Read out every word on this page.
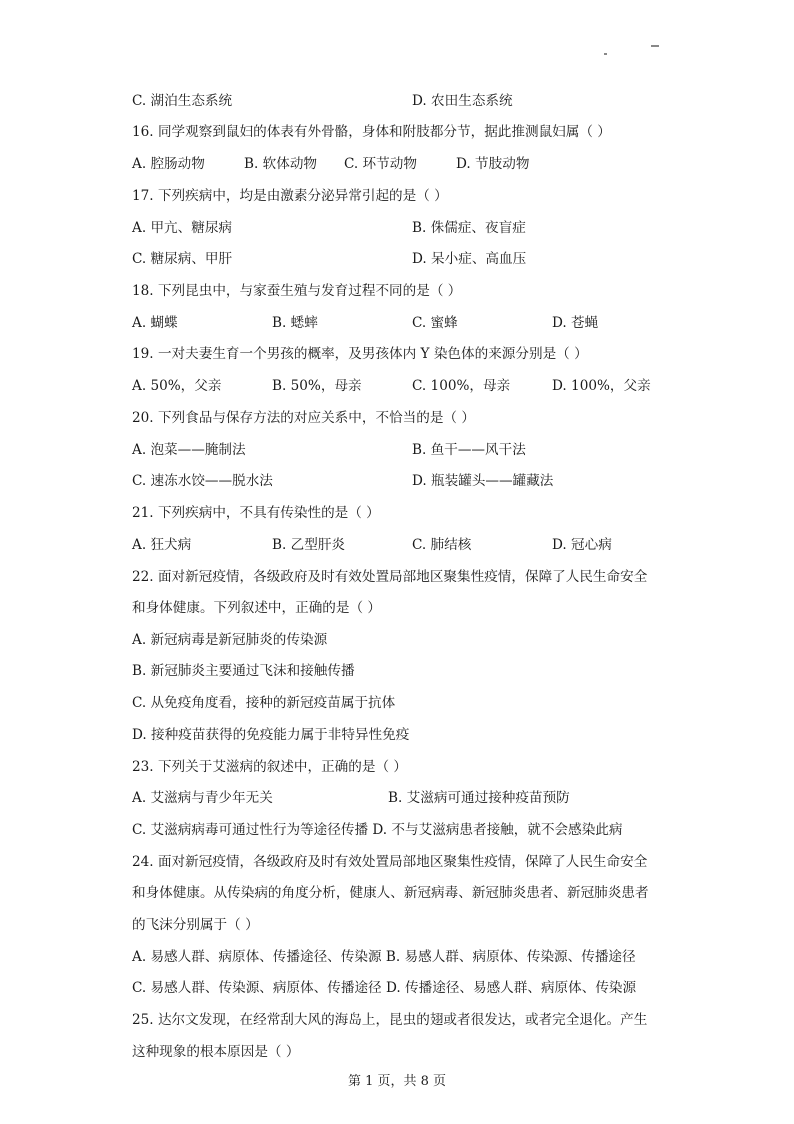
C. 湖泊生态系统	D. 农田生态系统
16. 同学观察到鼠妇的体表有外骨骼，身体和附肢都分节，据此推测鼠妇属（ ）
A. 腔肠动物	B. 软体动物 C. 环节动物	D. 节肢动物
17. 下列疾病中，均是由激素分泌异常引起的是（ ）
A. 甲亢、糖尿病	B. 侏儒症、夜盲症
C. 糖尿病、甲肝	D. 呆小症、高血压
18. 下列昆虫中，与家蚕生殖与发育过程不同的是（ ）
A. 蝴蝶	B. 蟋蟀	C. 蜜蜂	D. 苍蝇
19. 一对夫妻生育一个男孩的概率，及男孩体内 Y 染色体的来源分别是（ ）
A. 50%，父亲	B. 50%，母亲	C. 100%，母亲	D. 100%，父亲
20. 下列食品与保存方法的对应关系中，不恰当的是（ ）
A. 泡菜——腌制法	B. 鱼干——风干法
C. 速冻水饺——脱水法	D. 瓶装罐头——罐藏法
21. 下列疾病中，不具有传染性的是（ ）
A. 狂犬病	B. 乙型肝炎	C. 肺结核	D. 冠心病
22. 面对新冠疫情，各级政府及时有效处置局部地区聚集性疫情，保障了人民生命安全
和身体健康。下列叙述中，正确的是（ ）
A. 新冠病毒是新冠肺炎的传染源
B. 新冠肺炎主要通过飞沫和接触传播
C. 从免疫角度看，接种的新冠疫苗属于抗体
D. 接种疫苗获得的免疫能力属于非特异性免疫
23. 下列关于艾滋病的叙述中，正确的是（ ）
A. 艾滋病与青少年无关	B. 艾滋病可通过接种疫苗预防
C. 艾滋病病毒可通过性行为等途径传播 D. 不与艾滋病患者接触，就不会感染此病
24. 面对新冠疫情，各级政府及时有效处置局部地区聚集性疫情，保障了人民生命安全
和身体健康。从传染病的角度分析，健康人、新冠病毒、新冠肺炎患者、新冠肺炎患者
的飞沫分别属于（ ）
A. 易感人群、病原体、传播途径、传染源 B. 易感人群、病原体、传染源、传播途径
C. 易感人群、传染源、病原体、传播途径 D. 传播途径、易感人群、病原体、传染源
25. 达尔文发现，在经常刮大风的海岛上，昆虫的翅或者很发达，或者完全退化。产生
这种现象的根本原因是（ ）
第 1 页，共 8 页
